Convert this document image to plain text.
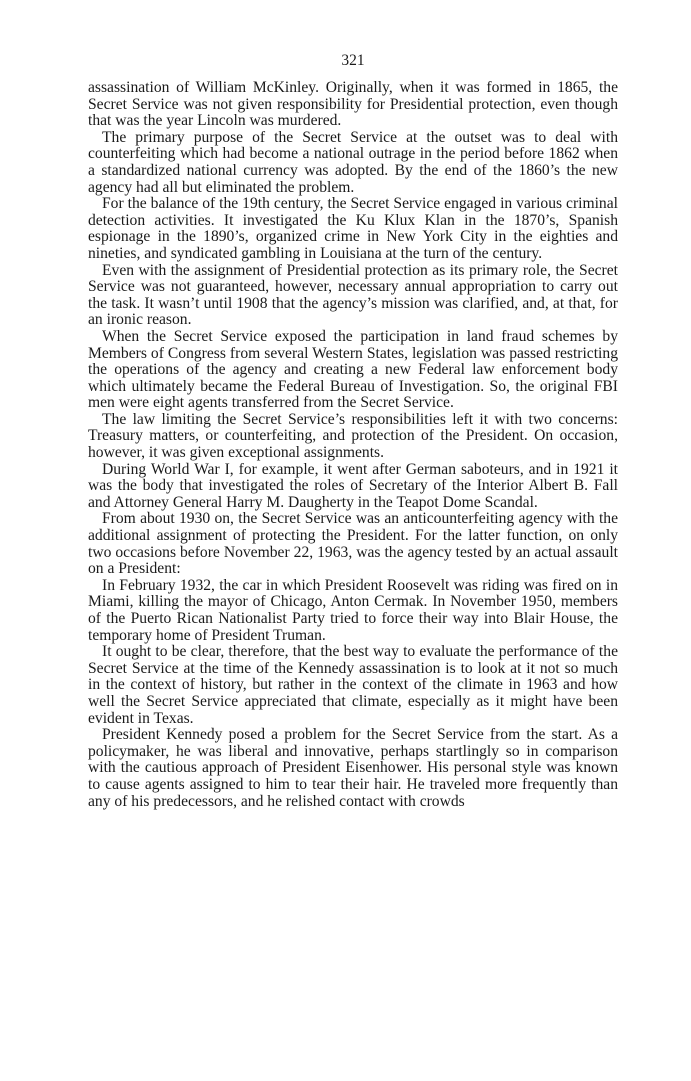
321

assassination of William McKinley. Originally, when it was formed in 1865, the Secret Service was not given responsibility for Presidential protection, even though that was the year Lincoln was murdered.

The primary purpose of the Secret Service at the outset was to deal with counterfeiting which had become a national outrage in the period before 1862 when a standardized national currency was adopted. By the end of the 1860’s the new agency had all but eliminated the problem.

For the balance of the 19th century, the Secret Service engaged in various criminal detection activities. It investigated the Ku Klux Klan in the 1870’s, Spanish espionage in the 1890’s, organized crime in New York City in the eighties and nineties, and syndicated gambling in Louisiana at the turn of the century.

Even with the assignment of Presidential protection as its primary role, the Secret Service was not guaranteed, however, necessary annual appropriation to carry out the task. It wasn’t until 1908 that the agency’s mission was clarified, and, at that, for an ironic reason.

When the Secret Service exposed the participation in land fraud schemes by Members of Congress from several Western States, legislation was passed restricting the operations of the agency and creating a new Federal law enforcement body which ultimately became the Federal Bureau of Investigation. So, the original FBI men were eight agents transferred from the Secret Service.

The law limiting the Secret Service’s responsibilities left it with two concerns: Treasury matters, or counterfeiting, and protection of the President. On occasion, however, it was given exceptional assignments.

During World War I, for example, it went after German saboteurs, and in 1921 it was the body that investigated the roles of Secretary of the Interior Albert B. Fall and Attorney General Harry M. Daugherty in the Teapot Dome Scandal.

From about 1930 on, the Secret Service was an anticounterfeiting agency with the additional assignment of protecting the President. For the latter function, on only two occasions before November 22, 1963, was the agency tested by an actual assault on a President:

In February 1932, the car in which President Roosevelt was riding was fired on in Miami, killing the mayor of Chicago, Anton Cermak. In November 1950, members of the Puerto Rican Nationalist Party tried to force their way into Blair House, the temporary home of President Truman.

It ought to be clear, therefore, that the best way to evaluate the performance of the Secret Service at the time of the Kennedy assassination is to look at it not so much in the context of history, but rather in the context of the climate in 1963 and how well the Secret Service appreciated that climate, especially as it might have been evident in Texas.

President Kennedy posed a problem for the Secret Service from the start. As a policymaker, he was liberal and innovative, perhaps startlingly so in comparison with the cautious approach of President Eisenhower. His personal style was known to cause agents assigned to him to tear their hair. He traveled more frequently than any of his predecessors, and he relished contact with crowds
